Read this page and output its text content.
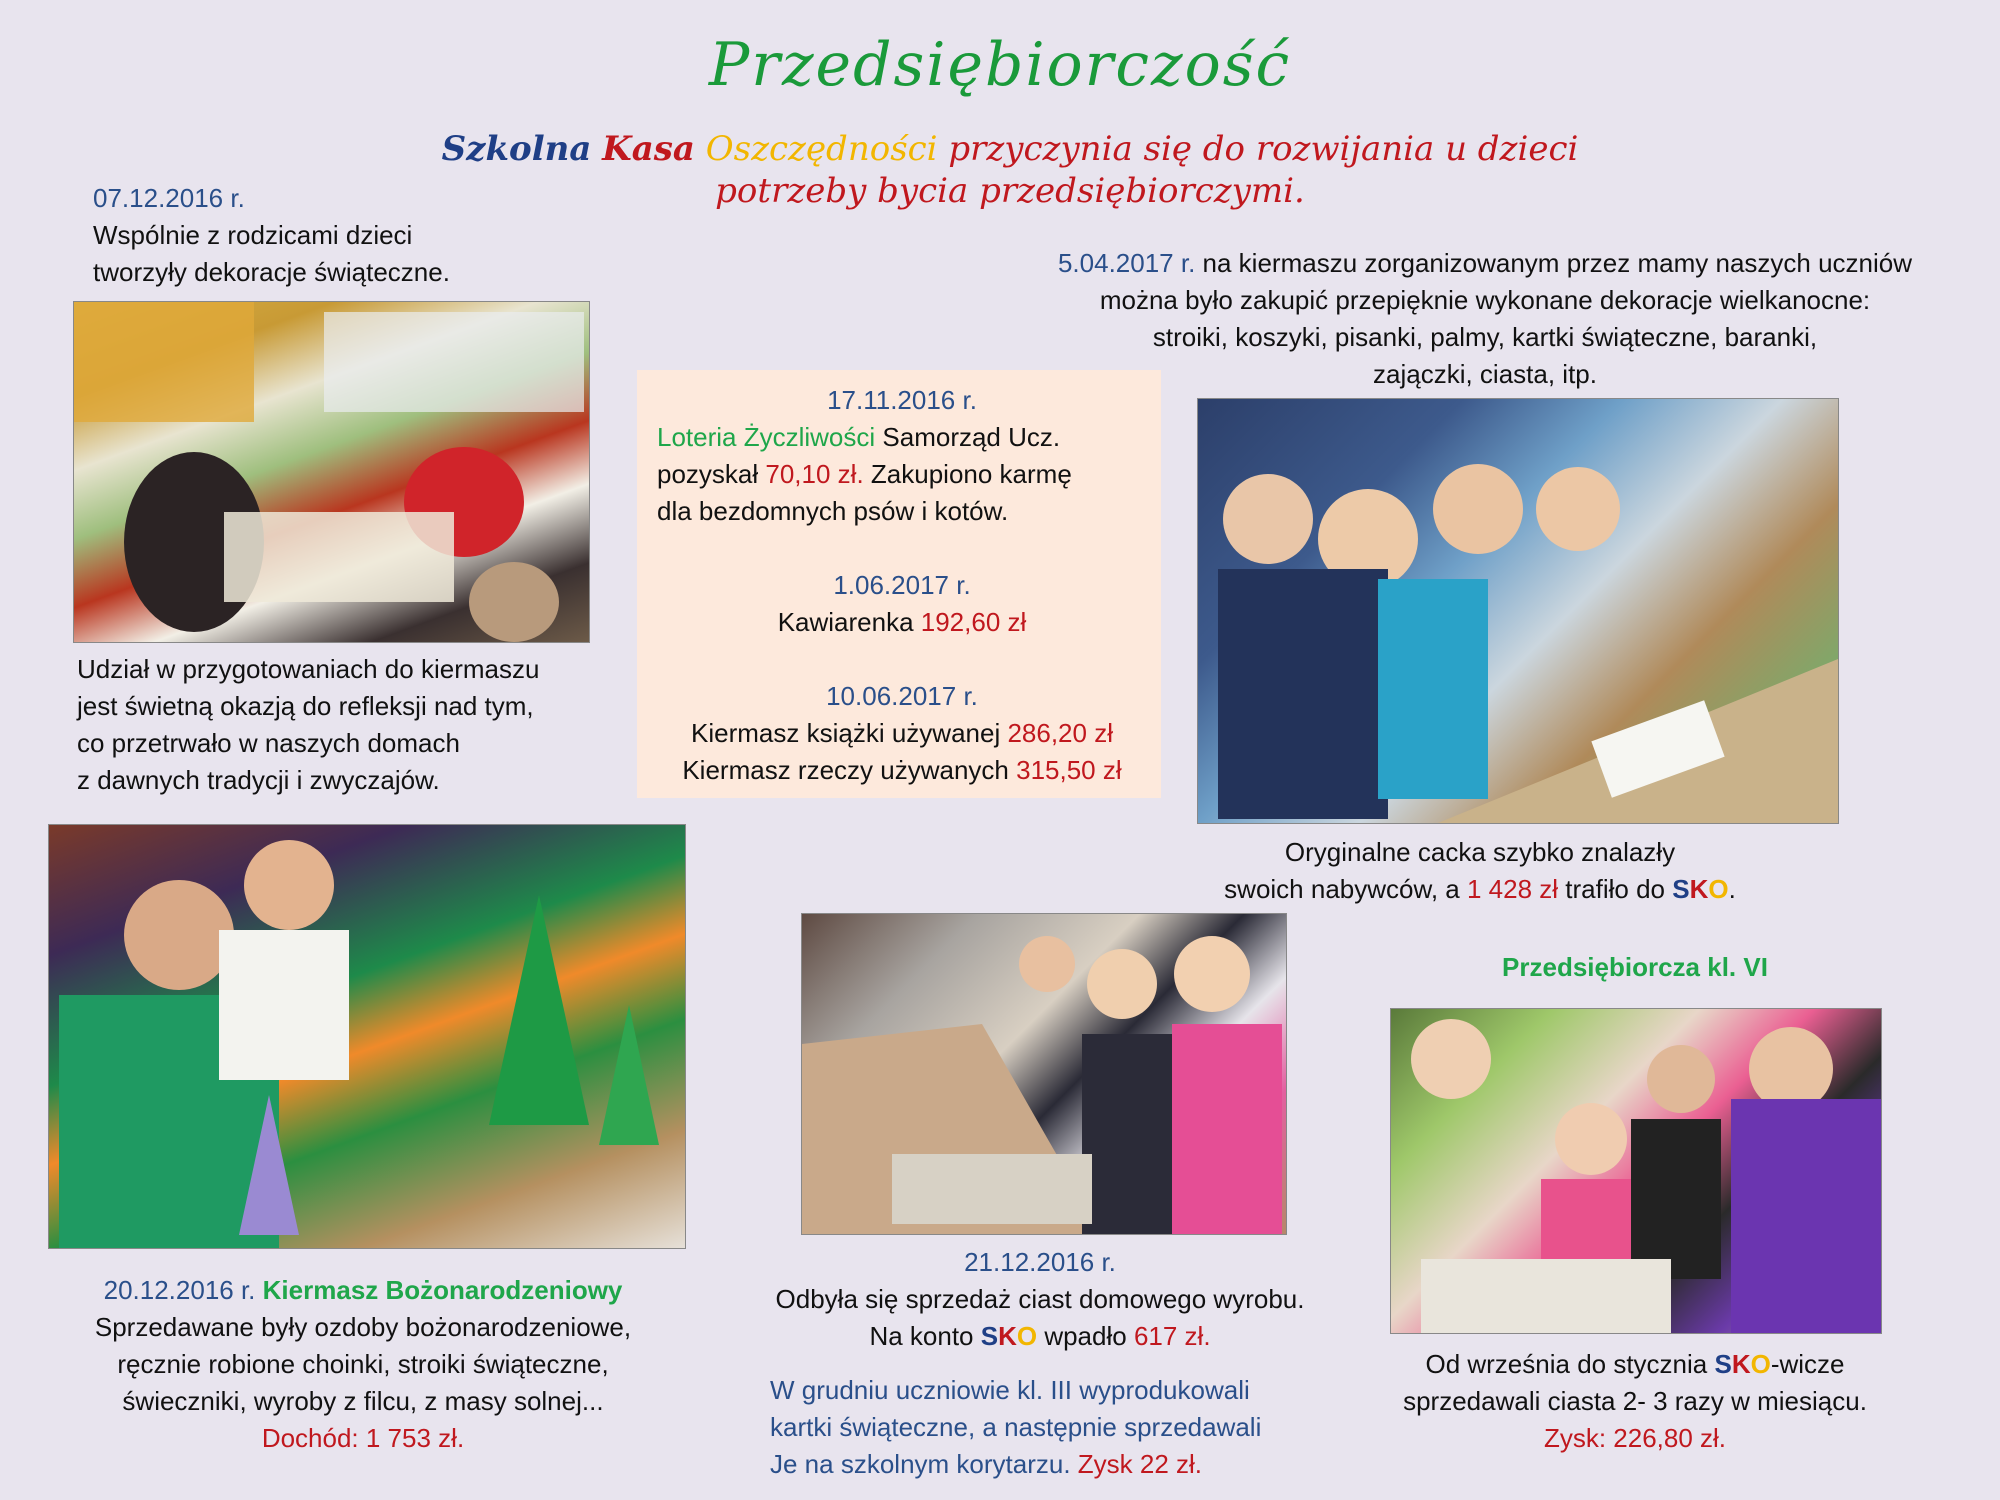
Przedsiębiorczość
Szkolna Kasa Oszczędności przyczynia się do rozwijania u dzieci
potrzeby bycia przedsiębiorczymi.
07.12.2016 r.
Wspólnie z rodzicami dzieci
tworzyły dekoracje świąteczne.
Udział w przygotowaniach do kiermaszu
jest świetną okazją do refleksji nad tym,
co przetrwało w naszych domach
z dawnych tradycji i zwyczajów.
17.11.2016 r.
Loteria Życzliwości Samorząd Ucz.
pozyskał 70,10 zł. Zakupiono karmę
dla bezdomnych psów i kotów.
1.06.2017 r.
Kawiarenka 192,60 zł
10.06.2017 r.
Kiermasz książki używanej 286,20 zł
Kiermasz rzeczy używanych 315,50 zł
5.04.2017 r. na kiermaszu zorganizowanym przez mamy naszych uczniów
można było zakupić przepięknie wykonane dekoracje wielkanocne:
stroiki, koszyki, pisanki, palmy, kartki świąteczne, baranki,
zajączki, ciasta, itp.
Oryginalne cacka szybko znalazły
swoich nabywców, a 1 428 zł trafiło do SKO.
20.12.2016 r. Kiermasz Bożonarodzeniowy
Sprzedawane były ozdoby bożonarodzeniowe,
ręcznie robione choinki, stroiki świąteczne,
świeczniki, wyroby z filcu, z masy solnej...
Dochód: 1 753 zł.
21.12.2016 r.
Odbyła się sprzedaż ciast domowego wyrobu.
Na konto SKO wpadło 617 zł.
W grudniu uczniowie kl. III wyprodukowali
kartki świąteczne, a następnie sprzedawali
Je na szkolnym korytarzu. Zysk 22 zł.
Przedsiębiorcza kl. VI
Od września do stycznia SKO-wicze
sprzedawali ciasta 2- 3 razy w miesiącu.
Zysk: 226,80 zł.
